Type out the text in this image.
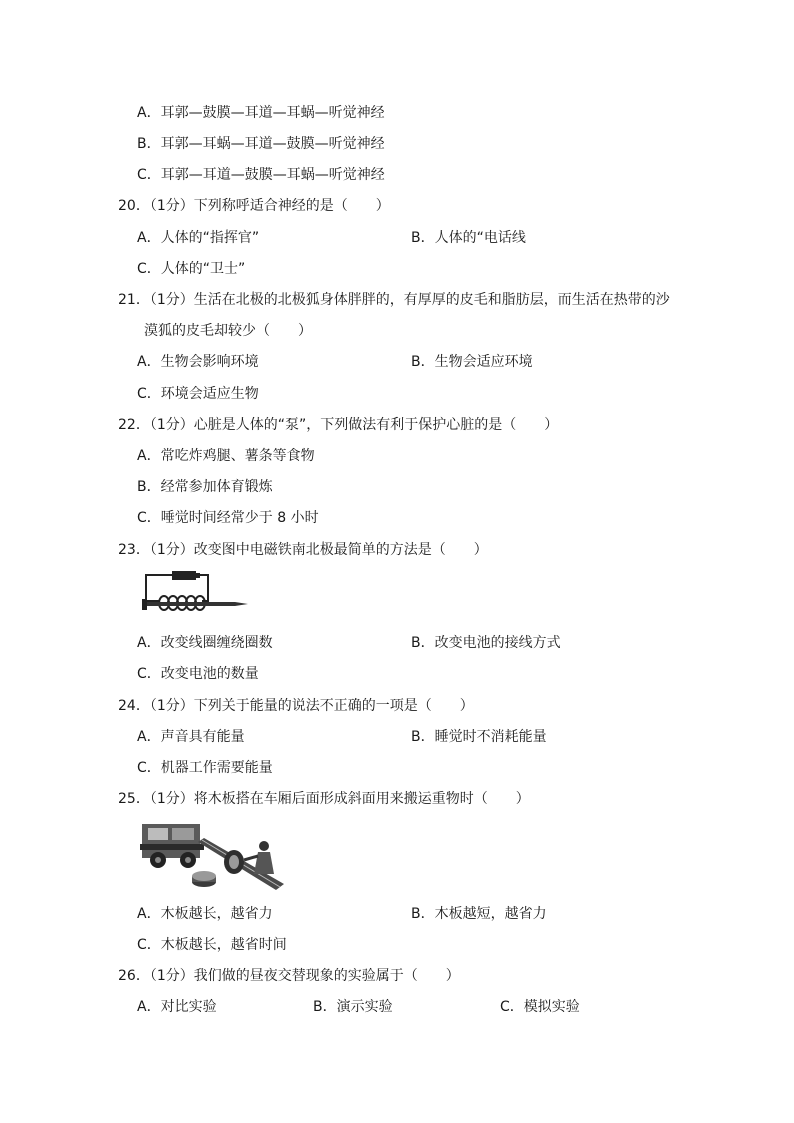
A．耳郭—鼓膜—耳道—耳蜗—听觉神经
B．耳郭—耳蜗—耳道—鼓膜—听觉神经
C．耳郭—耳道—鼓膜—耳蜗—听觉神经
20．（1分）下列称呼适合神经的是（　　）
A．人体的“指挥官”	B．人体的“电话线
C．人体的“卫士”
21．（1分）生活在北极的北极狐身体胖胖的，有厚厚的皮毛和脂肪层，而生活在热带的沙
漠狐的皮毛却较少（　　）
A．生物会影响环境	B．生物会适应环境
C．环境会适应生物
22．（1分）心脏是人体的“泵”，下列做法有利于保护心脏的是（　　）
A．常吃炸鸡腿、薯条等食物
B．经常参加体育锻炼
C．唾觉时间经常少于 8 小时
23．（1分）改变图中电磁铁南北极最简单的方法是（　　）
A．改变线圈缠绕圈数	B．改变电池的接线方式
C．改变电池的数量
24．（1分）下列关于能量的说法不正确的一项是（　　）
A．声音具有能量	B．睡觉时不消耗能量
C．机器工作需要能量
25．（1分）将木板搭在车厢后面形成斜面用来搬运重物时（　　）
A．木板越长，越省力	B．木板越短，越省力
C．木板越长，越省时间
26．（1分）我们做的昼夜交替现象的实验属于（　　）
A．对比实验	B．演示实验	C．模拟实验
